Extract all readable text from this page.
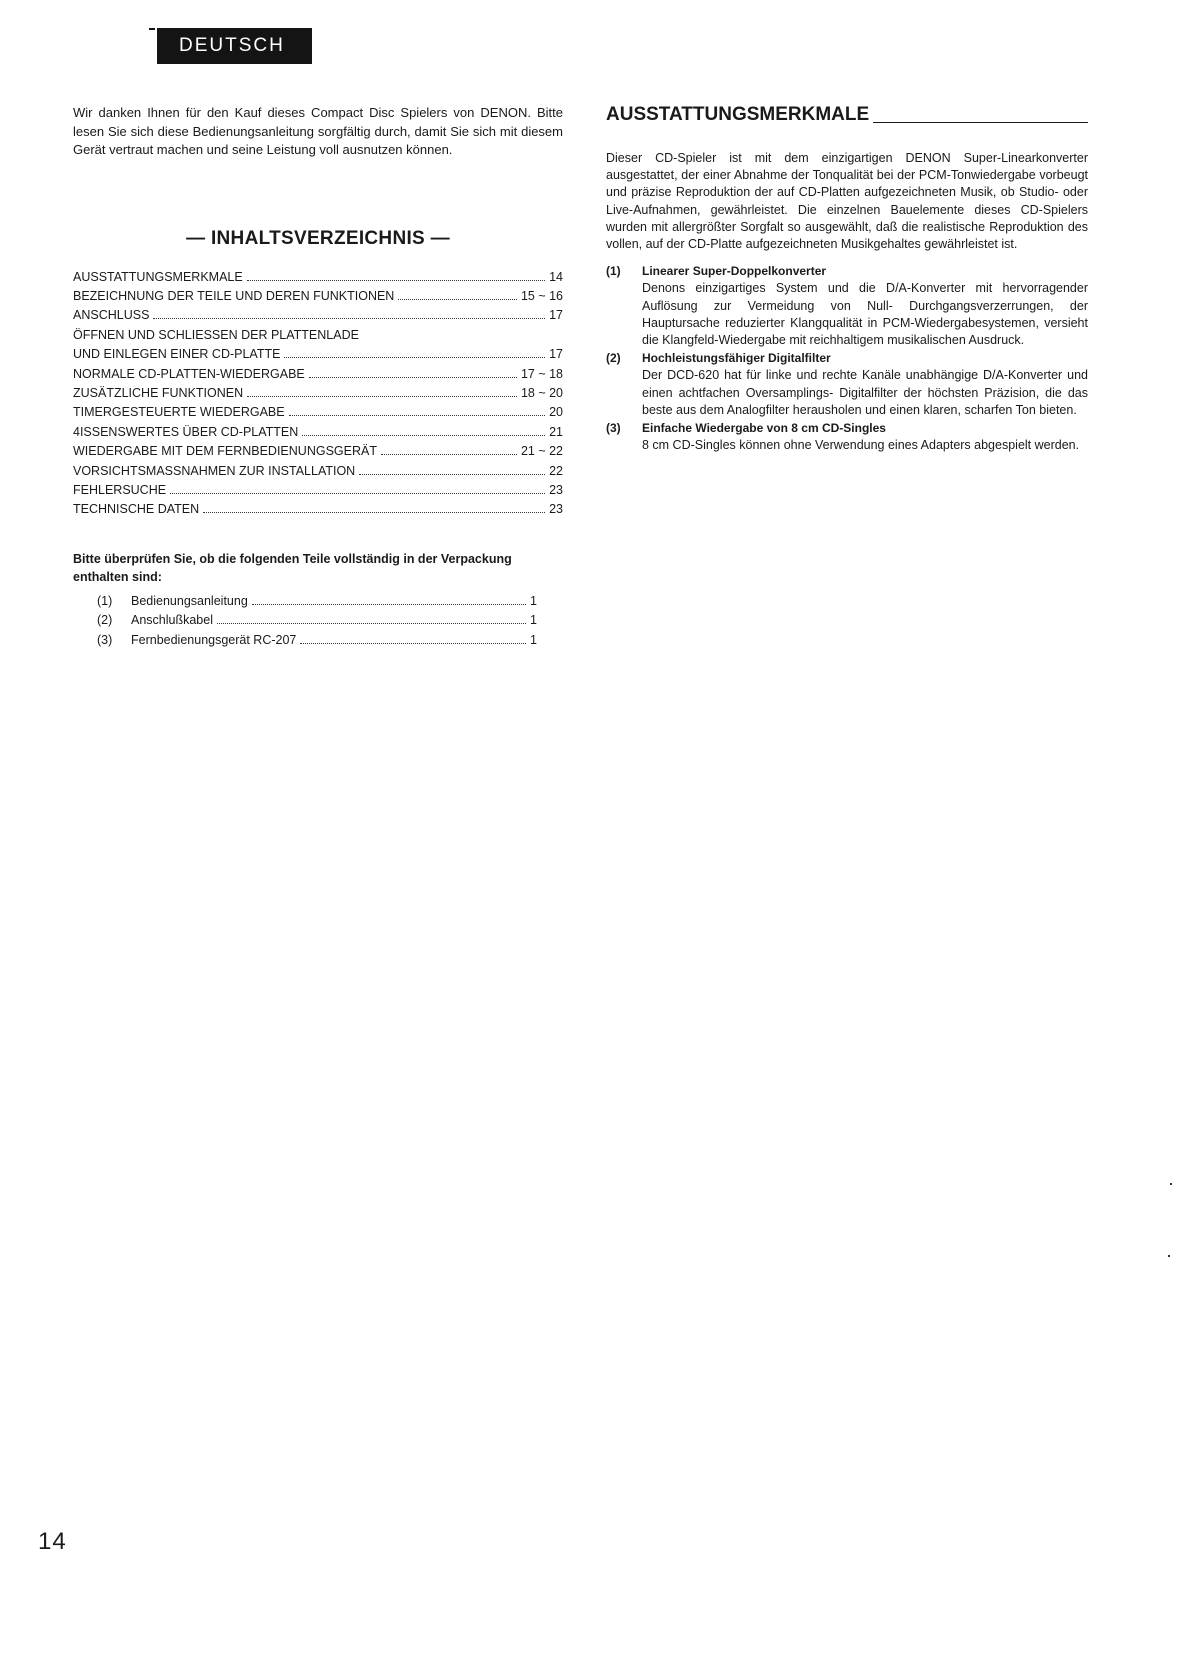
DEUTSCH

Wir danken Ihnen für den Kauf dieses Compact Disc Spielers von DENON. Bitte lesen Sie sich diese Bedienungsanleitung sorgfältig durch, damit Sie sich mit diesem Gerät vertraut machen und seine Leistung voll ausnutzen können.

— INHALTSVERZEICHNIS —
AUSSTATTUNGSMERKMALE	14
BEZEICHNUNG DER TEILE UND DEREN FUNKTIONEN	15 ~ 16
ANSCHLUSS	17
ÖFFNEN UND SCHLIESSEN DER PLATTENLADE
UND EINLEGEN EINER CD-PLATTE	17
NORMALE CD-PLATTEN-WIEDERGABE	17 ~ 18
ZUSÄTZLICHE FUNKTIONEN	18 ~ 20
TIMERGESTEUERTE WIEDERGABE	20
4ISSENSWERTES ÜBER CD-PLATTEN	21
WIEDERGABE MIT DEM FERNBEDIENUNGSGERÄT	21 ~ 22
VORSICHTSMASSNAHMEN ZUR INSTALLATION	22
FEHLERSUCHE	23
TECHNISCHE DATEN	23
Bitte überprüfen Sie, ob die folgenden Teile vollständig in der Verpackung enthalten sind:
(1)	Bedienungsanleitung	1
(2)	Anschlußkabel	1
(3)	Fernbedienungsgerät RC-207	1
AUSSTATTUNGSMERKMALE

Dieser CD-Spieler ist mit dem einzigartigen DENON Super-Linearkonverter ausgestattet, der einer Abnahme der Tonqualität bei der PCM-Tonwiedergabe vorbeugt und präzise Reproduktion der auf CD-Platten aufgezeichneten Musik, ob Studio- oder Live-Aufnahmen, gewährleistet. Die einzelnen Bauelemente dieses CD-Spielers wurden mit allergrößter Sorgfalt so ausgewählt, daß die realistische Reproduktion des vollen, auf der CD-Platte aufgezeichneten Musikgehaltes gewährleistet ist.

(1)	Linearer Super-Doppelkonverter

Denons einzigartiges System und die D/A-Konverter mit hervorragender Auflösung zur Vermeidung von Null- Durchgangsverzerrungen, der Hauptursache reduzierter Klangqualität in PCM-Wiedergabesystemen, versieht die Klangfeld-Wiedergabe mit reichhaltigem musikalischen Ausdruck.

(2)	Hochleistungsfähiger Digitalfilter

Der DCD-620 hat für linke und rechte Kanäle unabhängige D/A-Konverter und einen achtfachen Oversamplings- Digitalfilter der höchsten Präzision, die das beste aus dem Analogfilter herausholen und einen klaren, scharfen Ton bieten.

(3)	Einfache Wiedergabe von 8 cm CD-Singles

8 cm CD-Singles können ohne Verwendung eines Adapters abgespielt werden.

14
